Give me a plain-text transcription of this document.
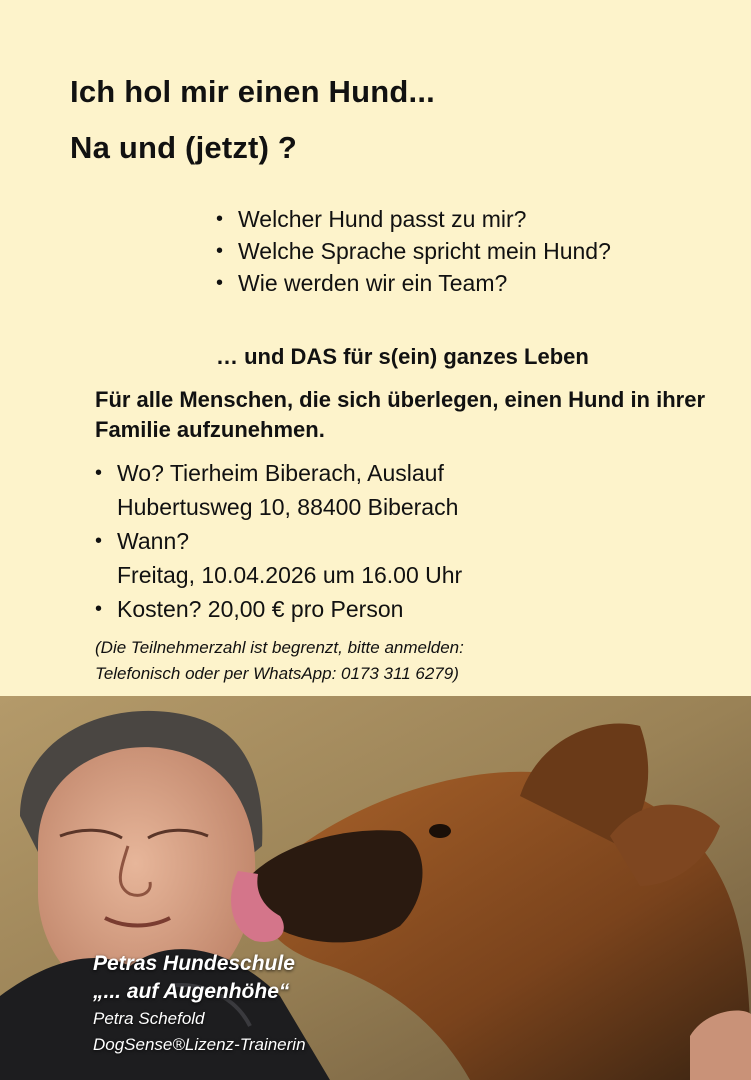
Ich hol mir einen Hund...
Na und (jetzt) ?
• Welcher Hund passt zu mir?
• Welche Sprache spricht mein Hund?
• Wie werden wir ein Team?

… und DAS für s(ein) ganzes Leben

Für alle Menschen, die sich überlegen, einen Hund in ihrer Familie aufzunehmen.

• Wo? Tierheim Biberach, Auslauf
Hubertusweg 10, 88400 Biberach
• Wann?
Freitag, 10.04.2026 um 16.00 Uhr
• Kosten? 20,00 € pro Person

(Die Teilnehmerzahl ist begrenzt, bitte anmelden:
Telefonisch oder per WhatsApp: 0173 311 6279)

Petras Hundeschule
„... auf Augenhöhe“
Petra Schefold
DogSense®Lizenz-Trainerin
